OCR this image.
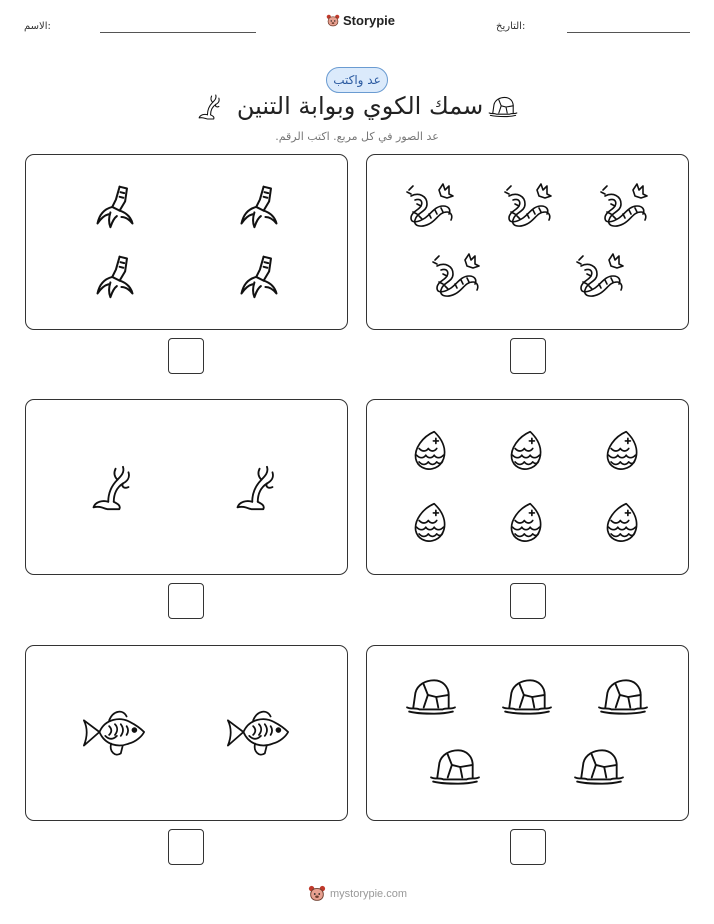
الاسم:	Storypie	التاريخ:
عد واكتب
سمك الكوي وبوابة التنين
عد الصور في كل مربع. اكتب الرقم.
mystorypie.com
